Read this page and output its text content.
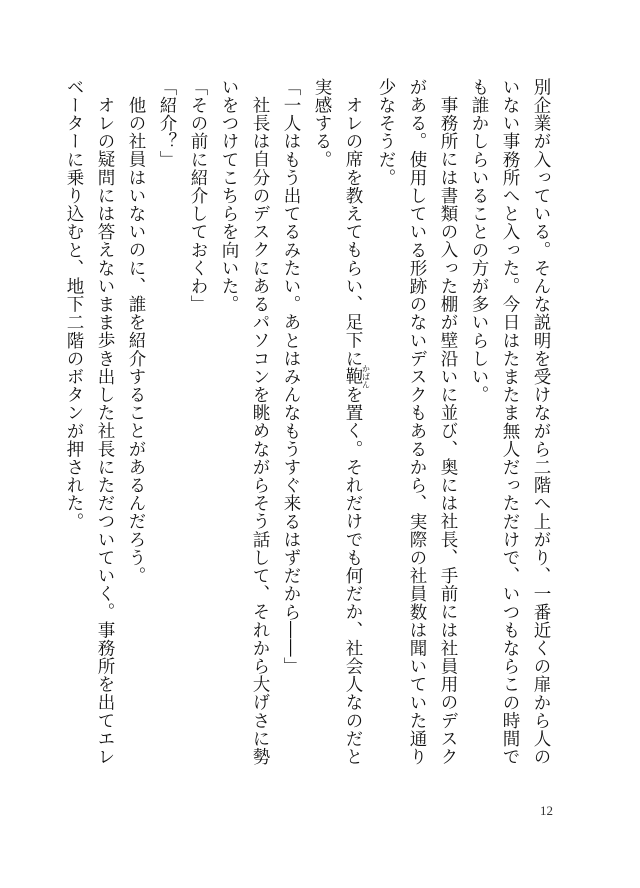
別企業が入っている。そんな説明を受けながら二階へ上がり、一番近くの扉から人のいない事務所へと入った。今日はたまたま無人だっただけで、いつもならこの時間でも誰かしらいることの方が多いらしい。

事務所には書類の入った棚が壁沿いに並び、奥には社長、手前には社員用のデスクがある。使用している形跡のないデスクもあるから、実際の社員数は聞いていた通り少なそうだ。

オレの席を教えてもらい、足下に鞄かばんを置く。それだけでも何だか、社会人なのだと実感する。

「一人はもう出てるみたい。あとはみんなもうすぐ来るはずだから――」

社長は自分のデスクにあるパソコンを眺めながらそう話して、それから大げさに勢いをつけてこちらを向いた。

「その前に紹介しておくわ」

「紹介？」

他の社員はいないのに、誰を紹介することがあるんだろう。

オレの疑問には答えないまま歩き出した社長にただついていく。事務所を出てエレベーターに乗り込むと、地下二階のボタンが押された。

12
